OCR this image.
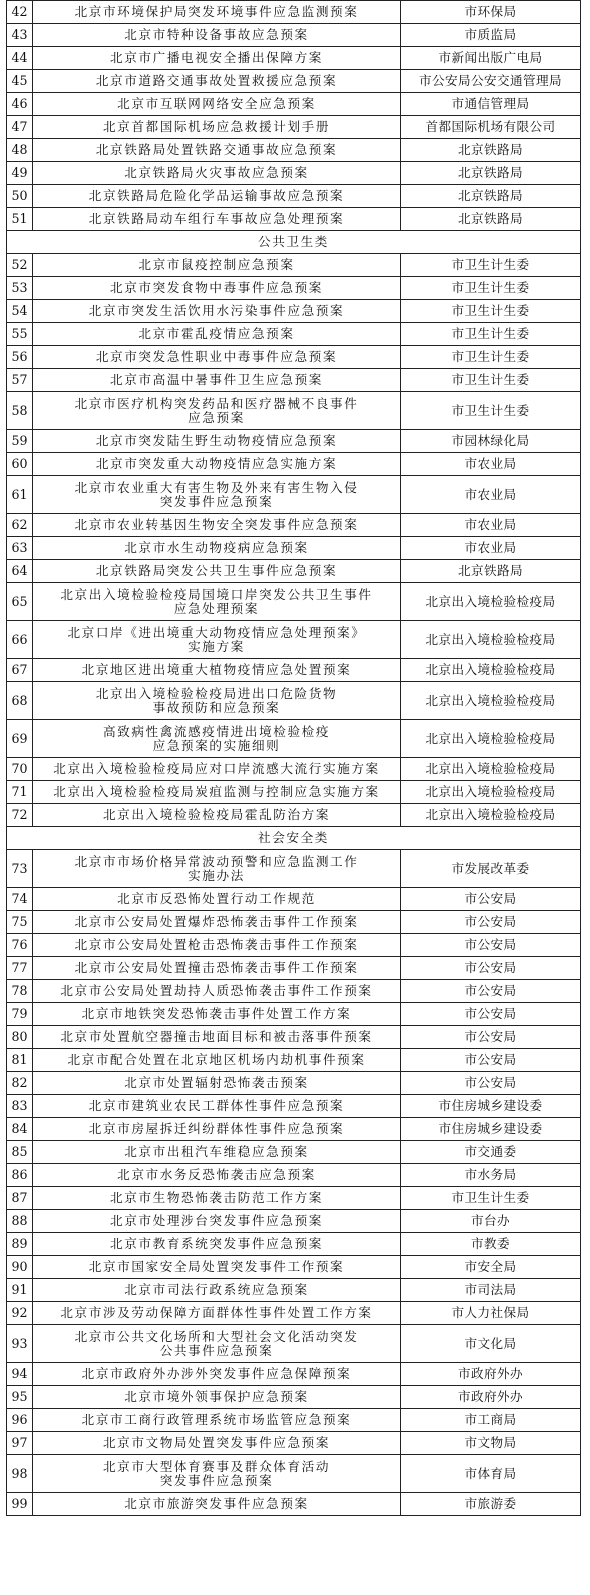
42	北京市环境保护局突发环境事件应急监测预案	市环保局
43	北京市特种设备事故应急预案	市质监局
44	北京市广播电视安全播出保障方案	市新闻出版广电局
45	北京市道路交通事故处置救援应急预案	市公安局公安交通管理局
46	北京市互联网网络安全应急预案	市通信管理局
47	北京首都国际机场应急救援计划手册	首都国际机场有限公司
48	北京铁路局处置铁路交通事故应急预案	北京铁路局
49	北京铁路局火灾事故应急预案	北京铁路局
50	北京铁路局危险化学品运输事故应急预案	北京铁路局
51	北京铁路局动车组行车事故应急处理预案	北京铁路局
公共卫生类		
52	北京市鼠疫控制应急预案	市卫生计生委
53	北京市突发食物中毒事件应急预案	市卫生计生委
54	北京市突发生活饮用水污染事件应急预案	市卫生计生委
55	北京市霍乱疫情应急预案	市卫生计生委
56	北京市突发急性职业中毒事件应急预案	市卫生计生委
57	北京市高温中暑事件卫生应急预案	市卫生计生委
58	北京市医疗机构突发药品和医疗器械不良事件
应急预案	市卫生计生委
59	北京市突发陆生野生动物疫情应急预案	市园林绿化局
60	北京市突发重大动物疫情应急实施方案	市农业局
61	北京市农业重大有害生物及外来有害生物入侵
突发事件应急预案	市农业局
62	北京市农业转基因生物安全突发事件应急预案	市农业局
63	北京市水生动物疫病应急预案	市农业局
64	北京铁路局突发公共卫生事件应急预案	北京铁路局
65	北京出入境检验检疫局国境口岸突发公共卫生事件
应急处理预案	北京出入境检验检疫局
66	北京口岸《进出境重大动物疫情应急处理预案》
实施方案	北京出入境检验检疫局
67	北京地区进出境重大植物疫情应急处置预案	北京出入境检验检疫局
68	北京出入境检验检疫局进出口危险货物
事故预防和应急预案	北京出入境检验检疫局
69	高致病性禽流感疫情进出境检验检疫
应急预案的实施细则	北京出入境检验检疫局
70	北京出入境检验检疫局应对口岸流感大流行实施方案	北京出入境检验检疫局
71	北京出入境检验检疫局炭疽监测与控制应急实施方案	北京出入境检验检疫局
72	北京出入境检验检疫局霍乱防治方案	北京出入境检验检疫局
社会安全类		
73	北京市市场价格异常波动预警和应急监测工作
实施办法	市发展改革委
74	北京市反恐怖处置行动工作规范	市公安局
75	北京市公安局处置爆炸恐怖袭击事件工作预案	市公安局
76	北京市公安局处置枪击恐怖袭击事件工作预案	市公安局
77	北京市公安局处置撞击恐怖袭击事件工作预案	市公安局
78	北京市公安局处置劫持人质恐怖袭击事件工作预案	市公安局
79	北京市地铁突发恐怖袭击事件处置工作方案	市公安局
80	北京市处置航空器撞击地面目标和被击落事件预案	市公安局
81	北京市配合处置在北京地区机场内劫机事件预案	市公安局
82	北京市处置辐射恐怖袭击预案	市公安局
83	北京市建筑业农民工群体性事件应急预案	市住房城乡建设委
84	北京市房屋拆迁纠纷群体性事件应急预案	市住房城乡建设委
85	北京市出租汽车维稳应急预案	市交通委
86	北京市水务反恐怖袭击应急预案	市水务局
87	北京市生物恐怖袭击防范工作方案	市卫生计生委
88	北京市处理涉台突发事件应急预案	市台办
89	北京市教育系统突发事件应急预案	市教委
90	北京市国家安全局处置突发事件工作预案	市安全局
91	北京市司法行政系统应急预案	市司法局
92	北京市涉及劳动保障方面群体性事件处置工作方案	市人力社保局
93	北京市公共文化场所和大型社会文化活动突发
公共事件应急预案	市文化局
94	北京市政府外办涉外突发事件应急保障预案	市政府外办
95	北京市境外领事保护应急预案	市政府外办
96	北京市工商行政管理系统市场监管应急预案	市工商局
97	北京市文物局处置突发事件应急预案	市文物局
98	北京市大型体育赛事及群众体育活动
突发事件应急预案	市体育局
99	北京市旅游突发事件应急预案	市旅游委
